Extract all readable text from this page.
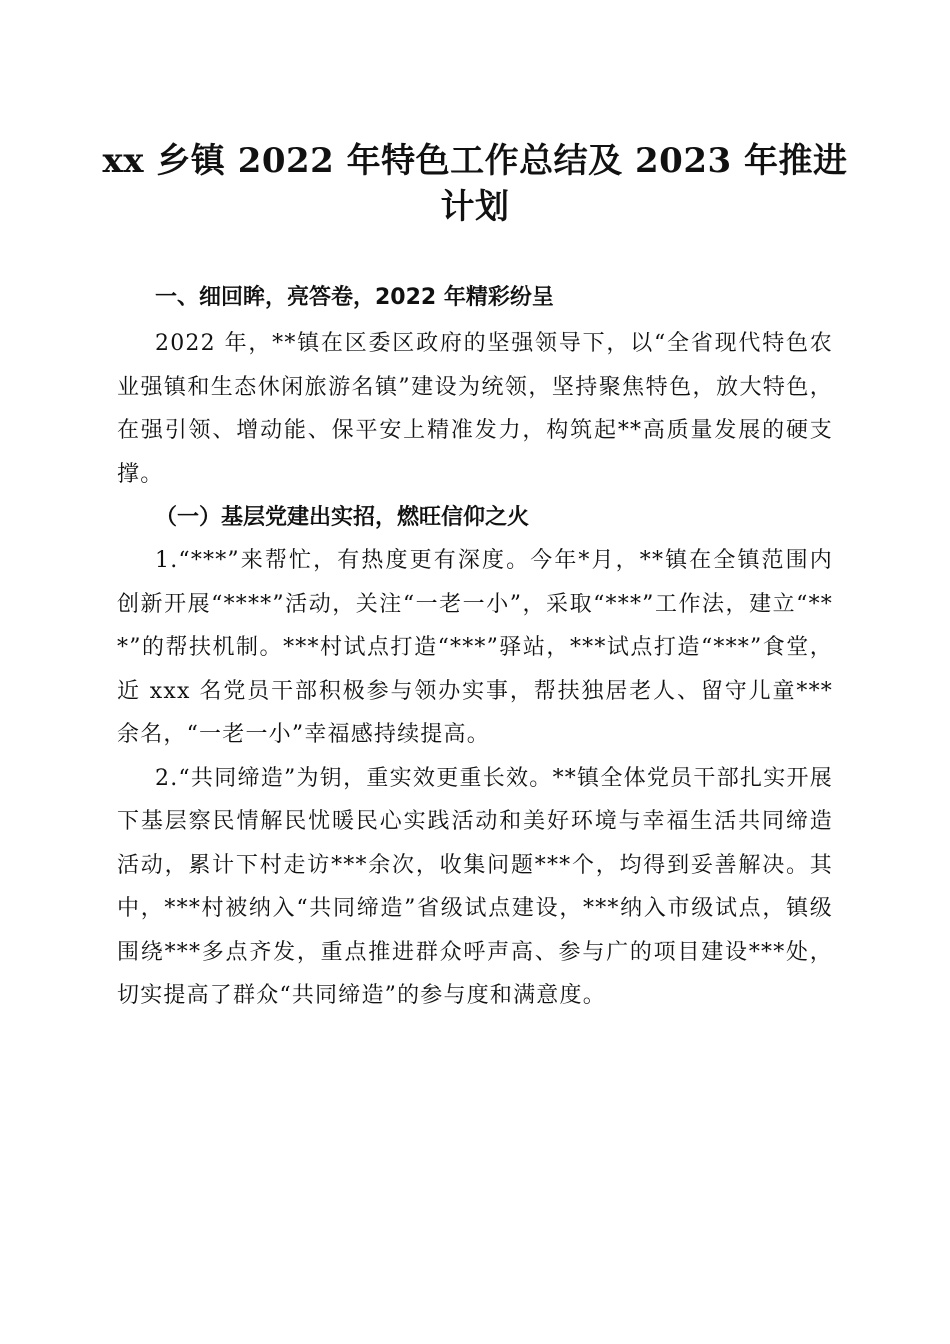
xx 乡镇 2022 年特色工作总结及 2023 年推进计划

一、细回眸，亮答卷，2022 年精彩纷呈

2022 年，**镇在区委区政府的坚强领导下，以“全省现代特色农业强镇和生态休闲旅游名镇”建设为统领，坚持聚焦特色，放大特色，在强引领、增动能、保平安上精准发力，构筑起**高质量发展的硬支撑。

（一）基层党建出实招，燃旺信仰之火

1.“***”来帮忙，有热度更有深度。今年*月，**镇在全镇范围内创新开展“****”活动，关注“一老一小”，采取“***”工作法，建立“***”的帮扶机制。***村试点打造“***”驿站，***试点打造“***”食堂，近 xxx 名党员干部积极参与领办实事，帮扶独居老人、留守儿童***余名，“一老一小”幸福感持续提高。

2.“共同缔造”为钥，重实效更重长效。**镇全体党员干部扎实开展下基层察民情解民忧暖民心实践活动和美好环境与幸福生活共同缔造活动，累计下村走访***余次，收集问题***个，均得到妥善解决。其中，***村被纳入“共同缔造”省级试点建设，***纳入市级试点，镇级围绕***多点齐发，重点推进群众呼声高、参与广的项目建设***处，切实提高了群众“共同缔造”的参与度和满意度。
